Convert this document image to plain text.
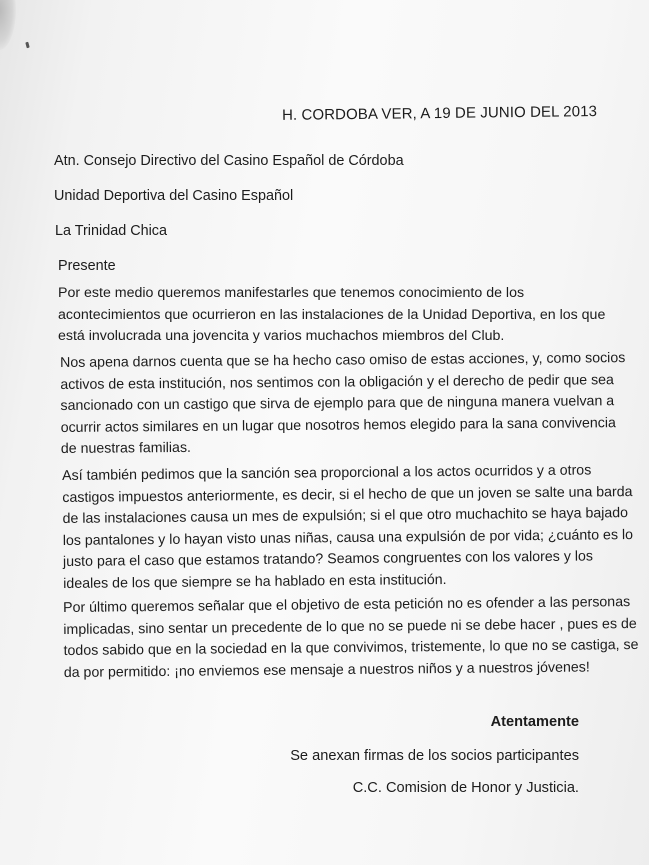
H. CORDOBA VER, A 19 DE JUNIO DEL 2013
Atn. Consejo Directivo del Casino Español de Córdoba
Unidad Deportiva del Casino Español
La Trinidad Chica
Presente
Por este medio queremos manifestarles que tenemos conocimiento de los
acontecimientos que ocurrieron en las instalaciones de la Unidad Deportiva, en los que
está involucrada una jovencita y varios muchachos miembros del Club.
Nos apena darnos cuenta que se ha hecho caso omiso de estas acciones, y, como socios
activos de esta institución, nos sentimos con la obligación y el derecho de pedir que sea
sancionado con un castigo que sirva de ejemplo para que de ninguna manera vuelvan a
ocurrir actos similares en un lugar que nosotros hemos elegido para la sana convivencia
de nuestras familias.
Así también pedimos que la sanción sea proporcional a los actos ocurridos y a otros
castigos impuestos anteriormente, es decir, si el hecho de que un joven se salte una barda
de las instalaciones causa un mes de expulsión; si el que otro muchachito se haya bajado
los pantalones y lo hayan visto unas niñas, causa una expulsión de por vida; ¿cuánto es lo
justo para el caso que estamos tratando? Seamos congruentes con los valores y los
ideales de los que siempre se ha hablado en esta institución.
Por último queremos señalar que el objetivo de esta petición no es ofender a las personas
implicadas, sino sentar un precedente de lo que no se puede ni se debe hacer , pues es de
todos sabido que en la sociedad en la que convivimos, tristemente, lo que no se castiga, se
da por permitido: ¡no enviemos ese mensaje a nuestros niños y a nuestros jóvenes!
Atentamente
Se anexan firmas de los socios participantes
C.C. Comision de Honor y Justicia.
